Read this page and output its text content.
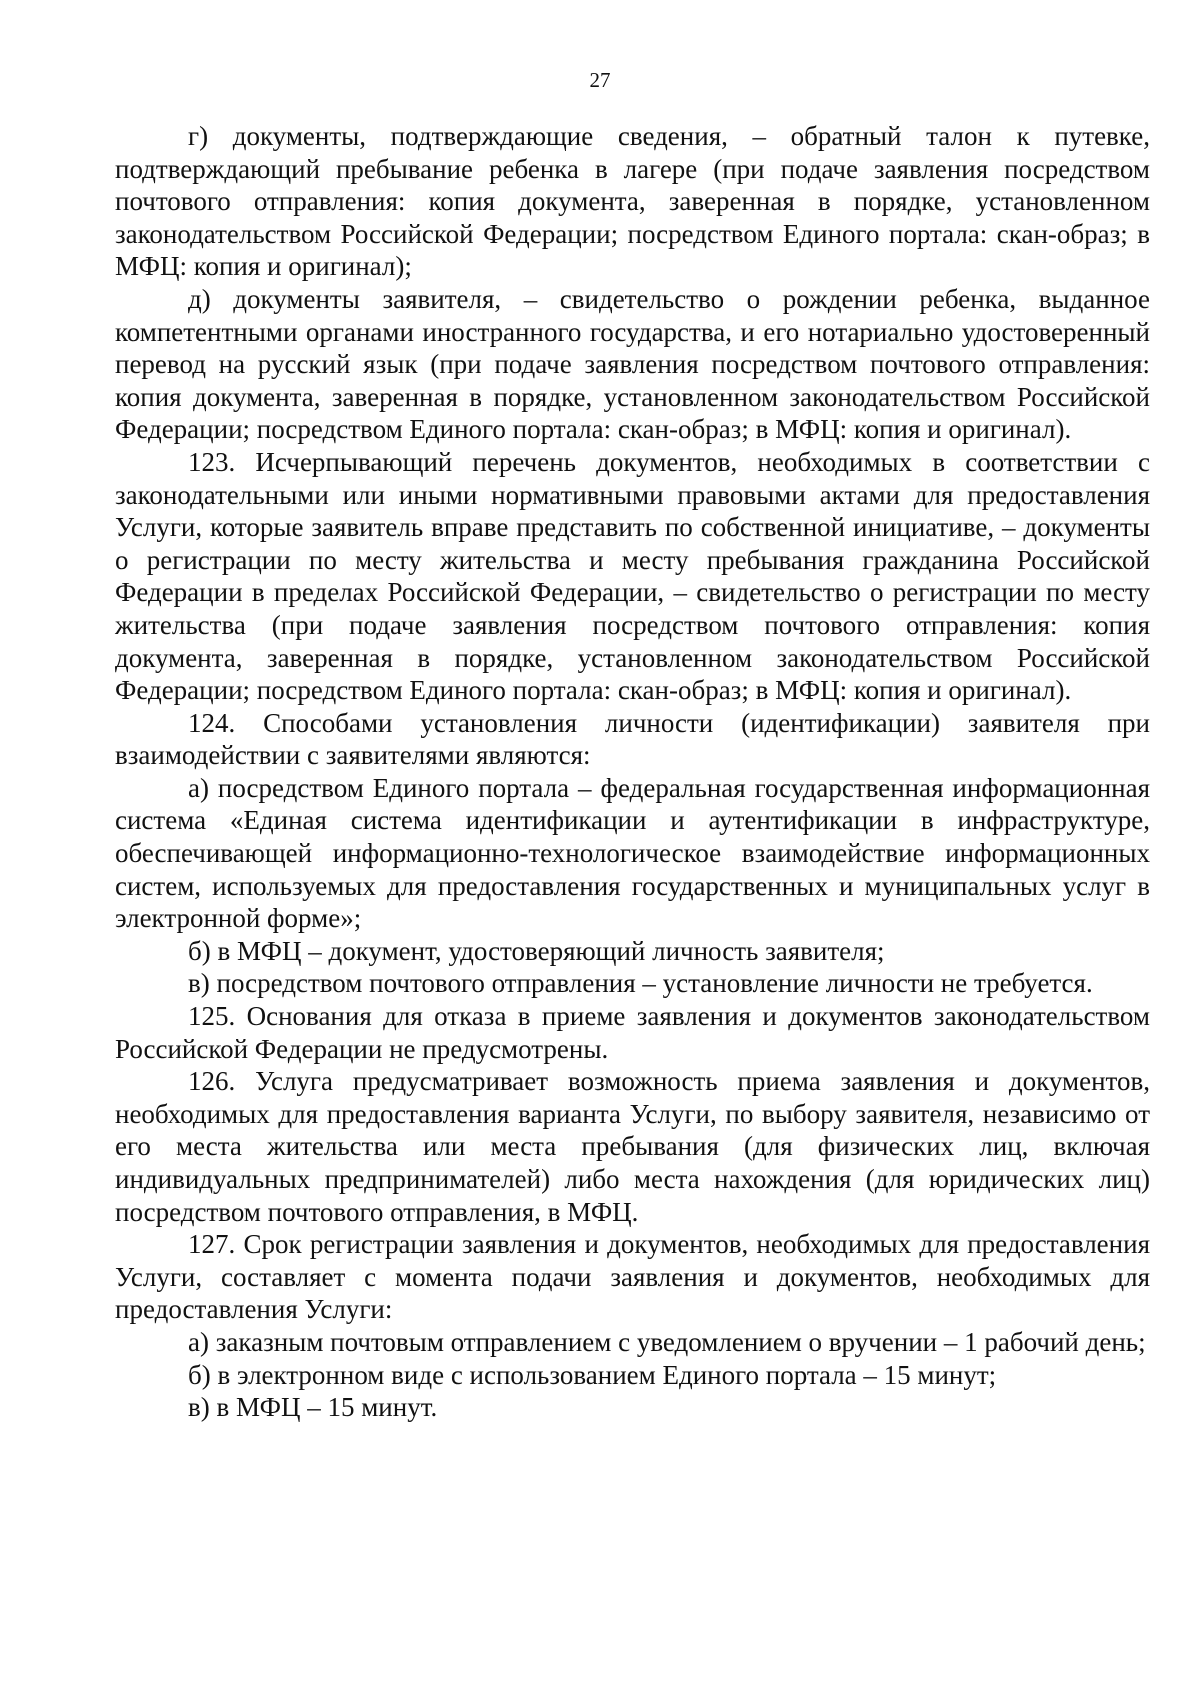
27

г) документы, подтверждающие сведения, – обратный талон к путевке, подтверждающий пребывание ребенка в лагере (при подаче заявления посредством почтового отправления: копия документа, заверенная в порядке, установленном законодательством Российской Федерации; посредством Единого портала: скан-образ; в МФЦ: копия и оригинал);

д) документы заявителя, – свидетельство о рождении ребенка, выданное компетентными органами иностранного государства, и его нотариально удостоверенный перевод на русский язык (при подаче заявления посредством почтового отправления: копия документа, заверенная в порядке, установленном законодательством Российской Федерации; посредством Единого портала: скан-образ; в МФЦ: копия и оригинал).

123. Исчерпывающий перечень документов, необходимых в соответствии с законодательными или иными нормативными правовыми актами для предоставления Услуги, которые заявитель вправе представить по собственной инициативе, – документы о регистрации по месту жительства и месту пребывания гражданина Российской Федерации в пределах Российской Федерации, – свидетельство о регистрации по месту жительства (при подаче заявления посредством почтового отправления: копия документа, заверенная в порядке, установленном законодательством Российской Федерации; посредством Единого портала: скан-образ; в МФЦ: копия и оригинал).

124. Способами установления личности (идентификации) заявителя при взаимодействии с заявителями являются:

а) посредством Единого портала – федеральная государственная информационная система «Единая система идентификации и аутентификации в инфраструктуре, обеспечивающей информационно-технологическое взаимодействие информационных систем, используемых для предоставления государственных и муниципальных услуг в электронной форме»;

б) в МФЦ – документ, удостоверяющий личность заявителя;

в) посредством почтового отправления – установление личности не требуется.

125. Основания для отказа в приеме заявления и документов законодательством Российской Федерации не предусмотрены.

126. Услуга предусматривает возможность приема заявления и документов, необходимых для предоставления варианта Услуги, по выбору заявителя, независимо от его места жительства или места пребывания (для физических лиц, включая индивидуальных предпринимателей) либо места нахождения (для юридических лиц) посредством почтового отправления, в МФЦ.

127. Срок регистрации заявления и документов, необходимых для предоставления Услуги, составляет с момента подачи заявления и документов, необходимых для предоставления Услуги:

а) заказным почтовым отправлением с уведомлением о вручении – 1 рабочий день;

б) в электронном виде с использованием Единого портала – 15 минут;

в) в МФЦ – 15 минут.
